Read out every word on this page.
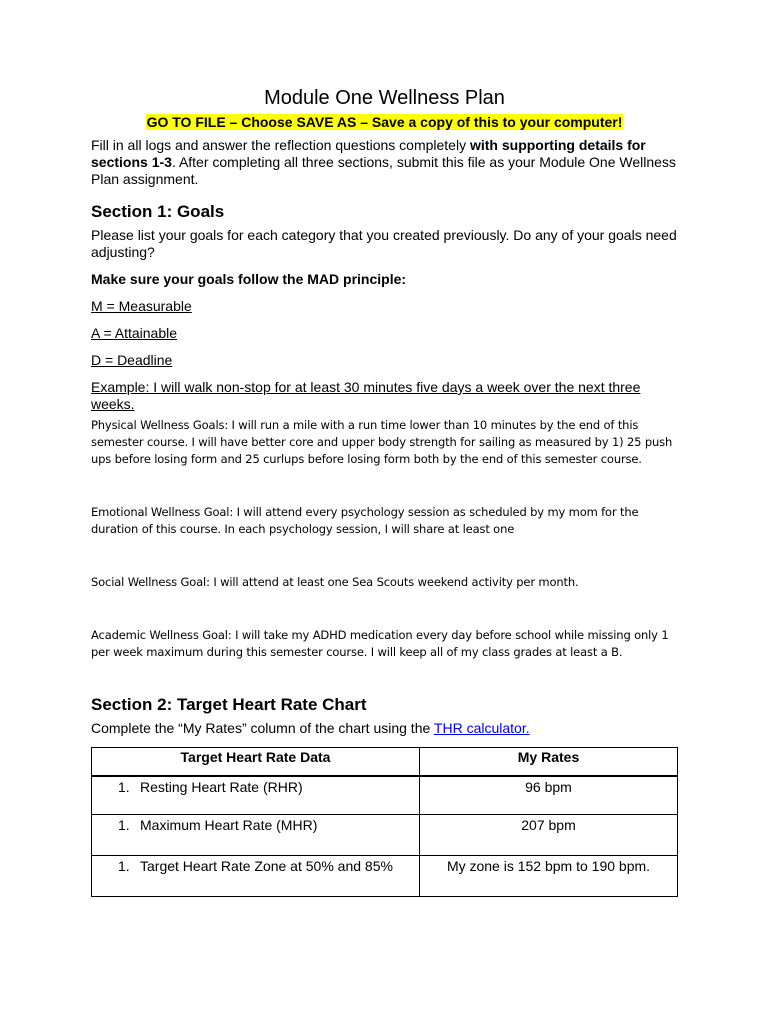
Module One Wellness Plan
GO TO FILE – Choose SAVE AS – Save a copy of this to your computer!

Fill in all logs and answer the reflection questions completely with supporting details for sections 1-3. After completing all three sections, submit this file as your Module One Wellness Plan assignment.

Section 1: Goals

Please list your goals for each category that you created previously. Do any of your goals need adjusting?

Make sure your goals follow the MAD principle:

M = Measurable

A = Attainable

D = Deadline

Example: I will walk non-stop for at least 30 minutes five days a week over the next three weeks.

Physical Wellness Goals: I will run a mile with a run time lower than 10 minutes by the end of this semester course. I will have better core and upper body strength for sailing as measured by 1) 25 push ups before losing form and 25 curlups before losing form both by the end of this semester course.

Emotional Wellness Goal: I will attend every psychology session as scheduled by my mom for the duration of this course. In each psychology session, I will share at least one

Social Wellness Goal: I will attend at least one Sea Scouts weekend activity per month.

Academic Wellness Goal: I will take my ADHD medication every day before school while missing only 1 per week maximum during this semester course. I will keep all of my class grades at least a B.

Section 2: Target Heart Rate Chart

Complete the “My Rates” column of the chart using the THR calculator.

Target Heart Rate Data	My Rates
1. Resting Heart Rate (RHR)	96 bpm
1. Maximum Heart Rate (MHR)	207 bpm
1. Target Heart Rate Zone at 50% and 85%	My zone is 152 bpm to 190 bpm.
